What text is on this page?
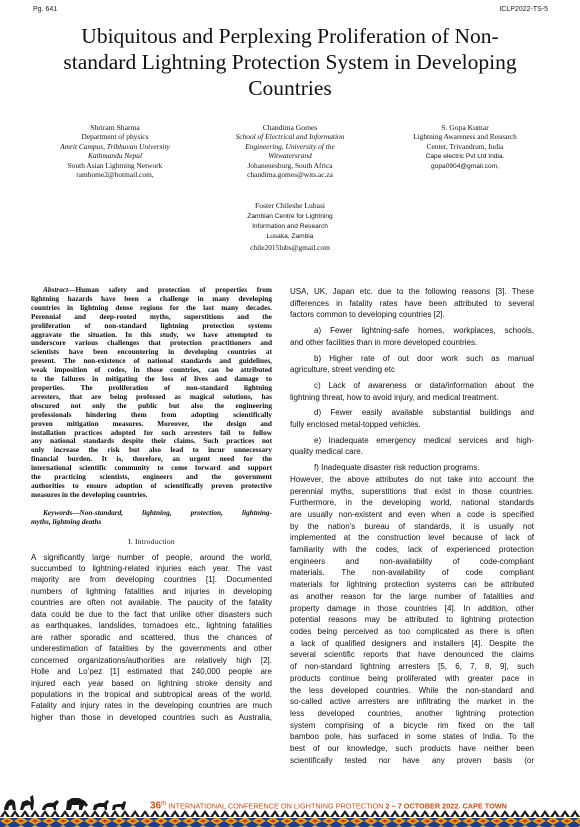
Pg. 641	ICLP2022-TS-5
Ubiquitous and Perplexing Proliferation of Non-
standard Lightning Protection System in Developing
Countries
Shriram Sharma
Department of physics
Amrit Campus, Tribhuvan University
Kathmandu Nepal
South Asian Lightning Network
ramhome2@hotmail.com,
Chandima Gomes
School of Electrical and Information
Engineering, University of the
Witwatersrand
Johanenesburg, South Africa
chandima.gomes@wits.ac.za
S. Gopa Kumar
Lightning Awareness and Research
Center, Trivandrum, India
Cape electric Pvt Ltd India.
gopa0904@gmail.com,
Foster Chileshe Lubasi
Zambian Centre for Lightning
Information and Research
Lusaka, Zambia
chile2015lubs@gmail.com
Abstract—Human safety and protection of properties from
lightning hazards have been a challenge in many developing
countries in lightning dense regions for the last many decades.
Perennial and deep-rooted myths, superstitions and the
proliferation of non-standard lightning protection systems
aggravate the situation. In this study, we have attempted to
underscore various challenges that protection practitioners and
scientists have been encountering in developing countries at
present. The non-existence of national standards and guidelines,
weak imposition of codes, in those countries, can be attributed
to the failures in mitigating the loss of lives and damage to
properties. The proliferation of non-standard lightning
arresters, that are being professed as magical solutions, has
obscured not only the public but also the engineering
professionals hindering them from adopting scientifically
proven mitigation measures. Moreover, the design and
installation practices adopted for such arresters fail to follow
any national standards despite their claims. Such practices not
only increase the risk but also lead to incur unnecessary
financial burden. It is, therefore, an urgent need for the
international scientific community to come forward and support
the practicing scientists, engineers and the government
authorities to ensure adoption of scientifically proven protective
measures in the developing countries.
Keywords—Non-standard, lightning, protection, lightning-
myths, lightning deaths
I. Introduction
A significantly large number of people, around the world,
succumbed to lightning-related injuries each year. The vast
majority are from developing countries [1]. Documented
numbers of lightning fatalities and injuries in developing
countries are often not available. The paucity of the fatality
data could be due to the fact that unlike other disasters such
as earthquakes, landslides, tornadoes etc., lightning fatalities
are rather sporadic and scattered, thus the chances of
underestimation of fatalities by the governments and other
concerned organizations/authorities are relatively high [2].
Holle and Lo’pez [1] estimated that 240,000 people are
injured each year based on lightning stroke density and
populations in the tropical and subtropical areas of the world.
Fatality and injury rates in the developing countries are much
higher than those in developed countries such as Australia,
USA, UK, Japan etc. due to the following reasons [3]. These
differences in fatality rates have been attributed to several
factors common to developing countries [2].
a) Fewer lightning-safe homes, workplaces, schools,
and other facilities than in more developed countries.
b) Higher rate of out door work such as manual
agriculture, street vending etc
c) Lack of awareness or data/information about the
lightning threat, how to avoid injury, and medical treatment.
d) Fewer easily available substantial buildings and
fully enclosed metal-topped vehicles.
e) Inadequate emergency medical services and high-
quality medical care.
f) Inadequate disaster risk reduction programs.
However, the above attributes do not take into account the
perennial myths, superstitions that exist in those countries.
Furthermore, in the developing world, national standards
are usually non-existent and even when a code is specified
by the nation's bureau of standards, it is usually not
implemented at the construction level because of lack of
familiarity with the codes, lack of experienced protection
engineers and non-availability of code-compliant
materials. The non-availability of code compliant
materials for lightning protection systems can be attributed
as another reason for the large number of fatalities and
property damage in those countries [4]. In addition, other
potential reasons may be attributed to lightning protection
codes being perceived as too complicated as there is often
a lack of qualified designers and installers [4]. Despite the
several scientific reports that have denounced the claims
of non-standard lightning arresters [5, 6, 7, 8, 9], such
products continue being proliferated with greater pace in
the less developed countries. While the non-standard and
so-called active arresters are infiltrating the market in the
less developed countries, another lightning protection
system comprising of a bicycle rim fixed on the tall
bamboo pole, has surfaced in some states of India. To the
best of our knowledge, such products have neither been
scientifically tested nor have any proven basis (or
36th INTERNATIONAL CONFERENCE ON LIGHTNING PROTECTION 2 – 7 OCTOBER 2022. CAPE TOWN
